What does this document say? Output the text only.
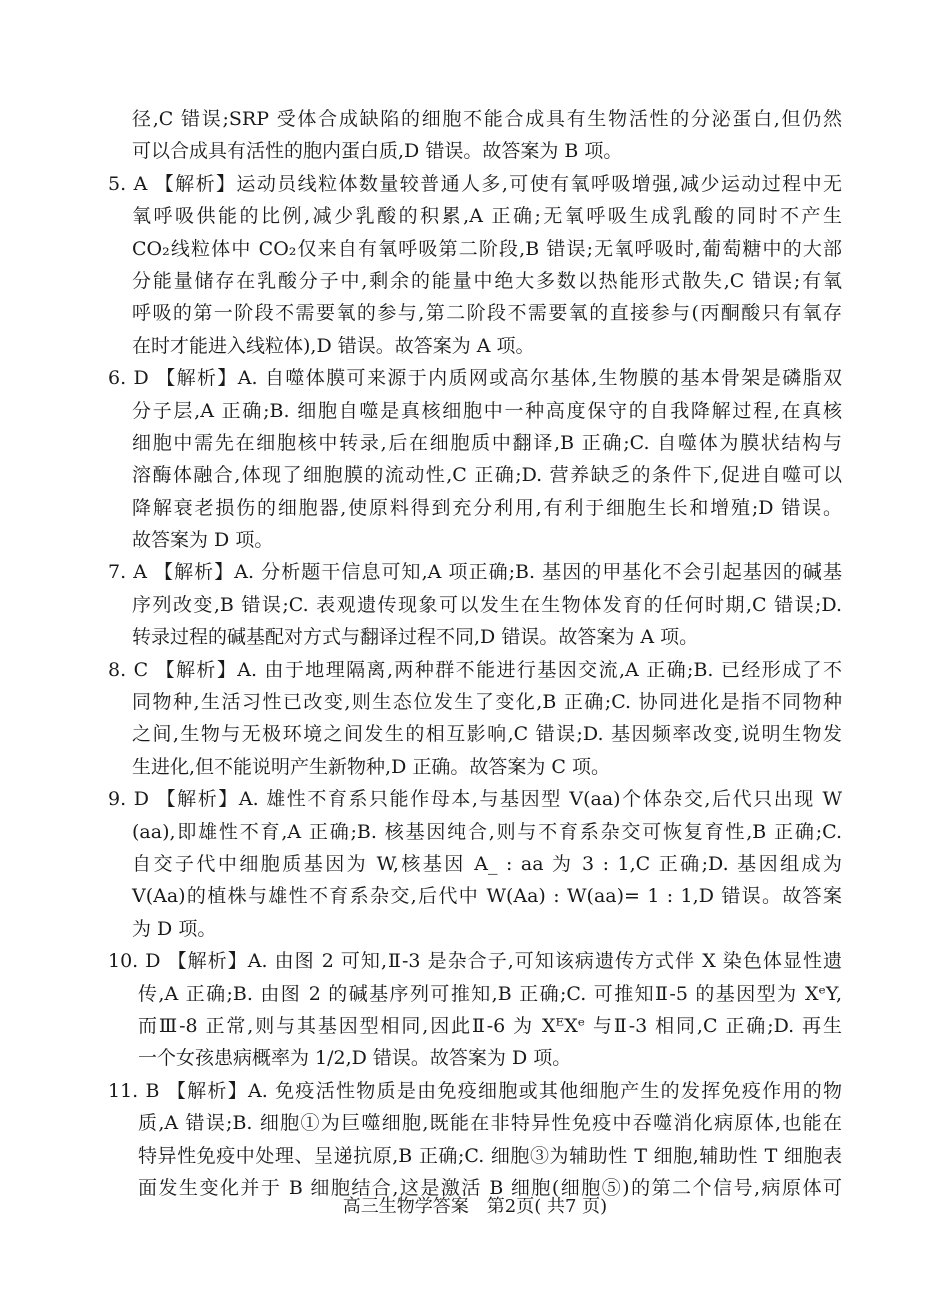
径,C 错误;SRP 受体合成缺陷的细胞不能合成具有生物活性的分泌蛋白,但仍然
可以合成具有活性的胞内蛋白质,D 错误。故答案为 B 项。
5. A 【解析】运动员线粒体数量较普通人多,可使有氧呼吸增强,减少运动过程中无
氧呼吸供能的比例,减少乳酸的积累,A 正确;无氧呼吸生成乳酸的同时不产生
CO₂线粒体中 CO₂仅来自有氧呼吸第二阶段,B 错误;无氧呼吸时,葡萄糖中的大部
分能量储存在乳酸分子中,剩余的能量中绝大多数以热能形式散失,C 错误;有氧
呼吸的第一阶段不需要氧的参与,第二阶段不需要氧的直接参与(丙酮酸只有氧存
在时才能进入线粒体),D 错误。故答案为 A 项。
6. D 【解析】A. 自噬体膜可来源于内质网或高尔基体,生物膜的基本骨架是磷脂双
分子层,A 正确;B. 细胞自噬是真核细胞中一种高度保守的自我降解过程,在真核
细胞中需先在细胞核中转录,后在细胞质中翻译,B 正确;C. 自噬体为膜状结构与
溶酶体融合,体现了细胞膜的流动性,C 正确;D. 营养缺乏的条件下,促进自噬可以
降解衰老损伤的细胞器,使原料得到充分利用,有利于细胞生长和增殖;D 错误。
故答案为 D 项。
7. A 【解析】A. 分析题干信息可知,A 项正确;B. 基因的甲基化不会引起基因的碱基
序列改变,B 错误;C. 表观遗传现象可以发生在生物体发育的任何时期,C 错误;D.
转录过程的碱基配对方式与翻译过程不同,D 错误。故答案为 A 项。
8. C 【解析】A. 由于地理隔离,两种群不能进行基因交流,A 正确;B. 已经形成了不
同物种,生活习性已改变,则生态位发生了变化,B 正确;C. 协同进化是指不同物种
之间,生物与无极环境之间发生的相互影响,C 错误;D. 基因频率改变,说明生物发
生进化,但不能说明产生新物种,D 正确。故答案为 C 项。
9. D 【解析】A. 雄性不育系只能作母本,与基因型 V(aa)个体杂交,后代只出现 W
(aa),即雄性不育,A 正确;B. 核基因纯合,则与不育系杂交可恢复育性,B 正确;C.
自交子代中细胞质基因为 W,核基因 A_ : aa 为 3 : 1,C 正确;D. 基因组成为
V(Aa)的植株与雄性不育系杂交,后代中 W(Aa) : W(aa)= 1 : 1,D 错误。故答案
为 D 项。
10. D 【解析】A. 由图 2 可知,Ⅱ-3 是杂合子,可知该病遗传方式伴 X 染色体显性遗
传,A 正确;B. 由图 2 的碱基序列可推知,B 正确;C. 可推知Ⅱ-5 的基因型为 XᵉY,
而Ⅲ-8 正常,则与其基因型相同,因此Ⅱ-6 为 XᴱXᵉ 与Ⅱ-3 相同,C 正确;D. 再生
一个女孩患病概率为 1/2,D 错误。故答案为 D 项。
11. B 【解析】A. 免疫活性物质是由免疫细胞或其他细胞产生的发挥免疫作用的物
质,A 错误;B. 细胞①为巨噬细胞,既能在非特异性免疫中吞噬消化病原体,也能在
特异性免疫中处理、呈递抗原,B 正确;C. 细胞③为辅助性 T 细胞,辅助性 T 细胞表
面发生变化并于 B 细胞结合,这是激活 B 细胞(细胞⑤)的第二个信号,病原体可
高三生物学答案　第2页( 共7 页)
